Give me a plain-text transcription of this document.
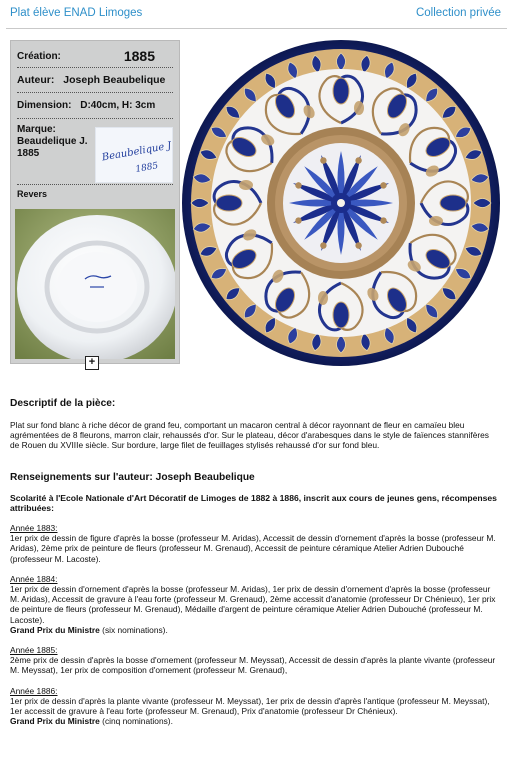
Plat élève ENAD Limoges	Collection privée
Création:	1885
Auteur: Joseph Beaubelique
Dimension: D:40cm, H: 3cm
Marque:
Beaudelique J.
1885	Beaubelique J
1885
Revers
+
Descriptif de la pièce:

Plat sur fond blanc à riche décor de grand feu, comportant un macaron central à décor rayonnant de fleur en camaïeu bleu agrémentées de 8 fleurons, marron clair, rehaussés d'or. Sur le plateau, décor d'arabesques dans le style de faïences stannifères de Rouen du XVIIIe siècle. Sur bordure, large filet de feuillages stylisés rehaussé d'or sur fond bleu.

Renseignements sur l'auteur: Joseph Beaubelique

Scolarité à l'Ecole Nationale d'Art Décoratif de Limoges de 1882 à 1886, inscrit aux cours de jeunes gens, récompenses attribuées:

Année 1883:

1er prix de dessin de figure d'après la bosse (professeur M. Aridas), Accessit de dessin d'ornement d'après la bosse (professeur M. Aridas), 2ème prix de peinture de fleurs (professeur M. Grenaud), Accessit de peinture céramique Atelier Adrien Dubouché (professeur M. Lacoste).

Année 1884:

1er prix de dessin d'ornement d'après la bosse (professeur M. Aridas), 1er prix de dessin d'ornement d'après la bosse (professeur M. Aridas), Accessit de gravure à l'eau forte (professeur M. Grenaud), 2ème accessit d'anatomie (professeur Dr Chénieux), 1er prix de peinture de fleurs (professeur M. Grenaud), Médaille d'argent de peinture céramique Atelier Adrien Dubouché (professeur M. Lacoste).

Grand Prix du Ministre (six nominations).

Année 1885:

2ème prix de dessin d'après la bosse d'ornement (professeur M. Meyssat), Accessit de dessin d'après la plante vivante (professeur M. Meyssat), 1er prix de composition d'ornement (professeur M. Grenaud),

Année 1886:

1er prix de dessin d'après la plante vivante (professeur M. Meyssat), 1er prix de dessin d'après l'antique (professeur M. Meyssat), 1er accessit de gravure à l'eau forte (professeur M. Grenaud), Prix d'anatomie (professeur Dr Chénieux).

Grand Prix du Ministre (cinq nominations).
